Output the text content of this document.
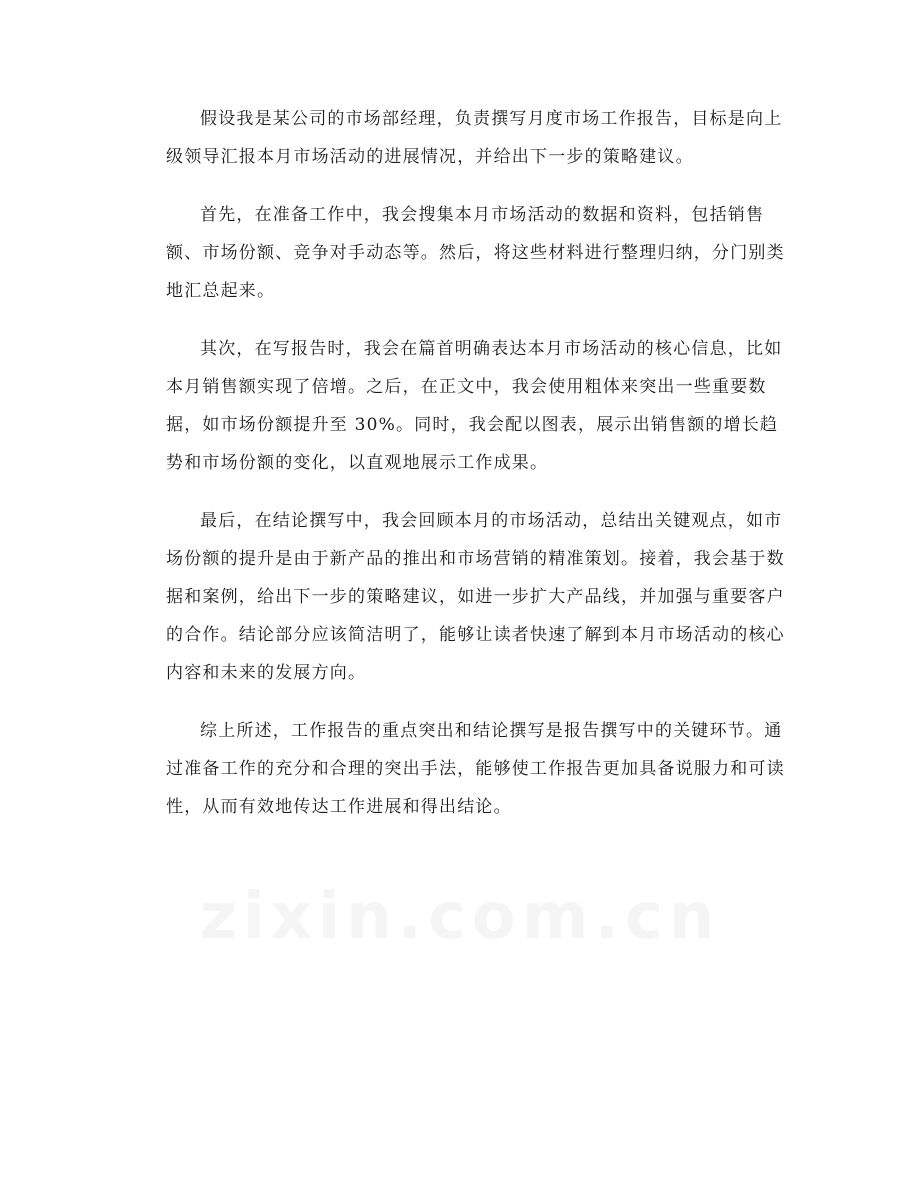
假设我是某公司的市场部经理，负责撰写月度市场工作报告，目标是向上级领导汇报本月市场活动的进展情况，并给出下一步的策略建议。

首先，在准备工作中，我会搜集本月市场活动的数据和资料，包括销售额、市场份额、竞争对手动态等。然后，将这些材料进行整理归纳，分门别类地汇总起来。

其次，在写报告时，我会在篇首明确表达本月市场活动的核心信息，比如本月销售额实现了倍增。之后，在正文中，我会使用粗体来突出一些重要数据，如市场份额提升至 30%。同时，我会配以图表，展示出销售额的增长趋势和市场份额的变化，以直观地展示工作成果。

最后，在结论撰写中，我会回顾本月的市场活动，总结出关键观点，如市场份额的提升是由于新产品的推出和市场营销的精准策划。接着，我会基于数据和案例，给出下一步的策略建议，如进一步扩大产品线，并加强与重要客户的合作。结论部分应该简洁明了，能够让读者快速了解到本月市场活动的核心内容和未来的发展方向。

综上所述，工作报告的重点突出和结论撰写是报告撰写中的关键环节。通过准备工作的充分和合理的突出手法，能够使工作报告更加具备说服力和可读性，从而有效地传达工作进展和得出结论。
